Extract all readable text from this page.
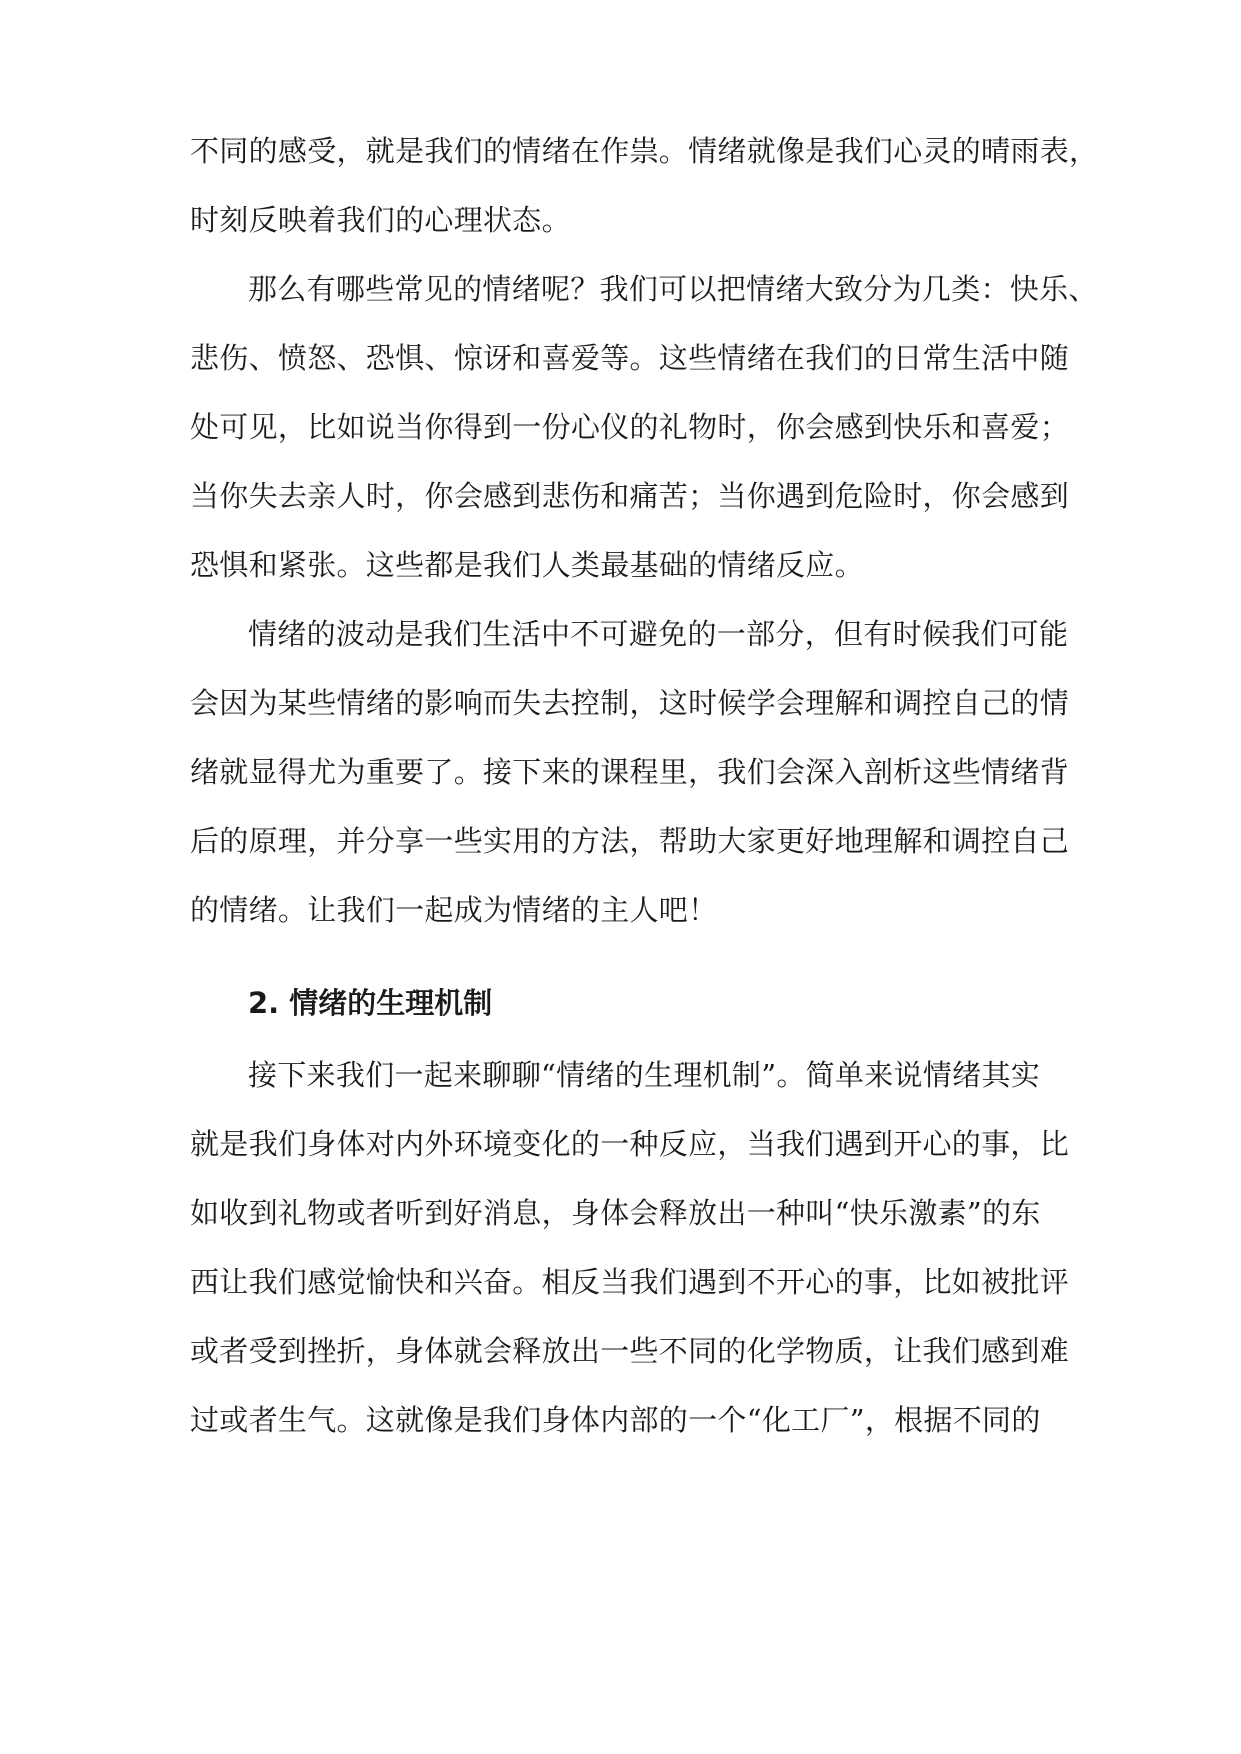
不同的感受，就是我们的情绪在作祟。情绪就像是我们心灵的晴雨表，
时刻反映着我们的心理状态。
那么有哪些常见的情绪呢？我们可以把情绪大致分为几类：快乐、
悲伤、愤怒、恐惧、惊讶和喜爱等。这些情绪在我们的日常生活中随
处可见，比如说当你得到一份心仪的礼物时，你会感到快乐和喜爱；
当你失去亲人时，你会感到悲伤和痛苦；当你遇到危险时，你会感到
恐惧和紧张。这些都是我们人类最基础的情绪反应。
情绪的波动是我们生活中不可避免的一部分，但有时候我们可能
会因为某些情绪的影响而失去控制，这时候学会理解和调控自己的情
绪就显得尤为重要了。接下来的课程里，我们会深入剖析这些情绪背
后的原理，并分享一些实用的方法，帮助大家更好地理解和调控自己
的情绪。让我们一起成为情绪的主人吧！
2. 情绪的生理机制
接下来我们一起来聊聊“情绪的生理机制”。简单来说情绪其实
就是我们身体对内外环境变化的一种反应，当我们遇到开心的事，比
如收到礼物或者听到好消息，身体会释放出一种叫“快乐激素”的东
西让我们感觉愉快和兴奋。相反当我们遇到不开心的事，比如被批评
或者受到挫折，身体就会释放出一些不同的化学物质，让我们感到难
过或者生气。这就像是我们身体内部的一个“化工厂”，根据不同的
